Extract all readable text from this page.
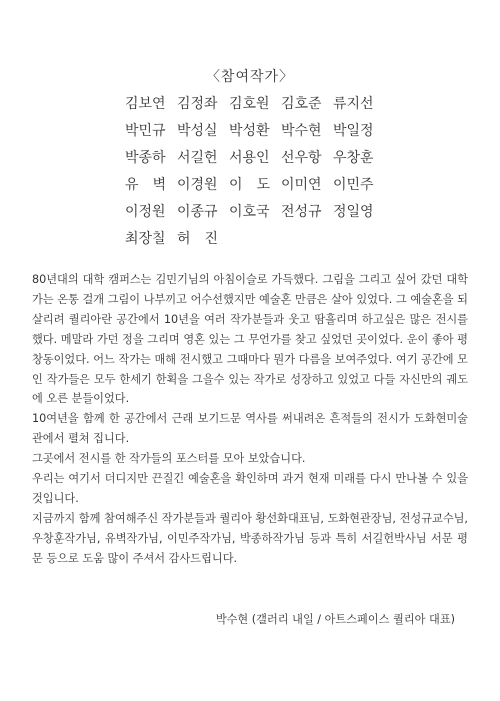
〈참여작가〉
김보연 김정좌 김호원 김호준 류지선
박민규 박성실 박성환 박수현 박일정
박종하 서길헌 서용인 선우항 우창훈
유　벽 이경원 이　도 이미연 이민주
이정원 이종규 이호국 전성규 정일영
최장칠 허　진

80년대의 대학 캠퍼스는 김민기님의 아침이슬로 가득했다. 그림을 그리고 싶어 갔던 대학가는 온통 걸개 그림이 나부끼고 어수선했지만 예술혼 만큼은 살아 있었다. 그 예술혼을 되살리려 퀄리아란 공간에서 10년을 여러 작가분들과 웃고 땀흘리며 하고싶은 많은 전시를 했다. 메말라 가던 정을 그리며 영혼 있는 그 무언가를 찾고 싶었던 곳이었다. 운이 좋아 평창동이었다. 어느 작가는 매해 전시했고 그때마다 뭔가 다름을 보여주었다. 여기 공간에 모인 작가들은 모두 한세기 한획을 그을수 있는 작가로 성장하고 있었고 다들 자신만의 궤도에 오른 분들이었다.

10여년을 함께 한 공간에서 근래 보기드문 역사를 써내려온 흔적들의 전시가 도화현미술관에서 펼쳐 집니다.

그곳에서 전시를 한 작가들의 포스터를 모아 보았습니다.

우리는 여기서 더디지만 끈질긴 예술혼을 확인하며 과거 현재 미래를 다시 만나볼 수 있을 것입니다.

지금까지 함께 참여해주신 작가분들과 퀄리아 황선화대표님, 도화현관장님, 전성규교수님, 우창훈작가님, 유벽작가님, 이민주작가님, 박종하작가님 등과 특히 서길헌박사님 서문 평문 등으로 도움 많이 주셔서 감사드립니다.

박수현 (갤러리 내일 / 아트스페이스 퀄리아 대표)
